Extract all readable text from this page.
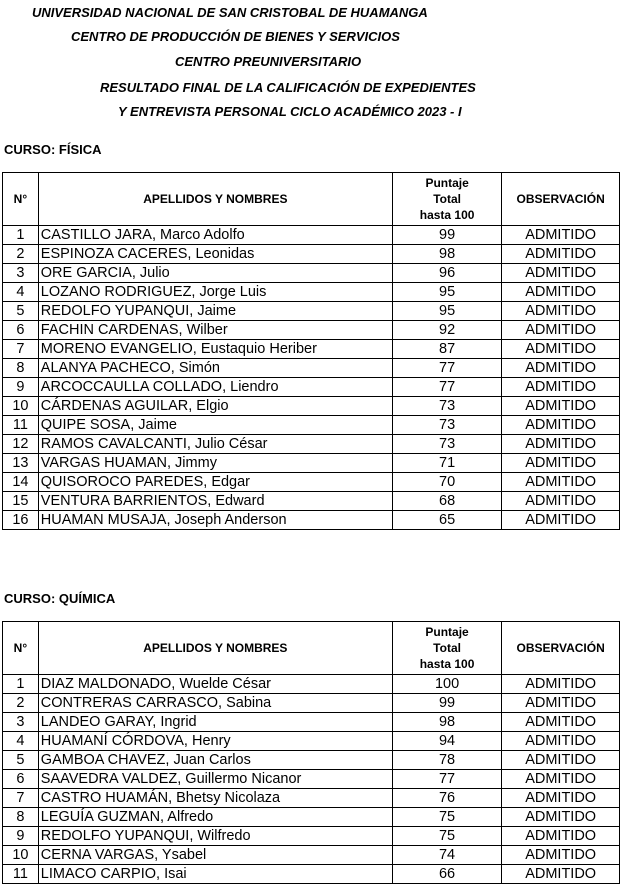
UNIVERSIDAD NACIONAL DE SAN CRISTOBAL DE HUAMANGA
CENTRO DE PRODUCCIÓN DE BIENES Y SERVICIOS
CENTRO PREUNIVERSITARIO
RESULTADO FINAL DE LA CALIFICACIÓN DE EXPEDIENTES
Y ENTREVISTA PERSONAL CICLO ACADÉMICO 2023 - I
CURSO: FÍSICA
N°	APELLIDOS Y NOMBRES	Puntaje
Total
hasta 100	OBSERVACIÓN
1	CASTILLO JARA, Marco Adolfo	99	ADMITIDO
2	ESPINOZA CACERES, Leonidas	98	ADMITIDO
3	ORE GARCIA, Julio	96	ADMITIDO
4	LOZANO RODRIGUEZ, Jorge Luis	95	ADMITIDO
5	REDOLFO YUPANQUI, Jaime	95	ADMITIDO
6	FACHIN CARDENAS, Wilber	92	ADMITIDO
7	MORENO EVANGELIO, Eustaquio Heriber	87	ADMITIDO
8	ALANYA PACHECO, Simón	77	ADMITIDO
9	ARCOCCAULLA COLLADO, Liendro	77	ADMITIDO
10	CÁRDENAS AGUILAR, Elgio	73	ADMITIDO
11	QUIPE SOSA, Jaime	73	ADMITIDO
12	RAMOS CAVALCANTI, Julio César	73	ADMITIDO
13	VARGAS HUAMAN, Jimmy	71	ADMITIDO
14	QUISOROCO PAREDES, Edgar	70	ADMITIDO
15	VENTURA BARRIENTOS, Edward	68	ADMITIDO
16	HUAMAN MUSAJA, Joseph Anderson	65	ADMITIDO
CURSO: QUÍMICA
N°	APELLIDOS Y NOMBRES	Puntaje
Total
hasta 100	OBSERVACIÓN
1	DIAZ MALDONADO, Wuelde César	100	ADMITIDO
2	CONTRERAS CARRASCO, Sabina	99	ADMITIDO
3	LANDEO GARAY, Ingrid	98	ADMITIDO
4	HUAMANÍ CÓRDOVA, Henry	94	ADMITIDO
5	GAMBOA CHAVEZ, Juan Carlos	78	ADMITIDO
6	SAAVEDRA VALDEZ, Guillermo Nicanor	77	ADMITIDO
7	CASTRO HUAMÁN, Bhetsy Nicolaza	76	ADMITIDO
8	LEGUÍA GUZMAN, Alfredo	75	ADMITIDO
9	REDOLFO YUPANQUI, Wilfredo	75	ADMITIDO
10	CERNA VARGAS, Ysabel	74	ADMITIDO
11	LIMACO CARPIO, Isai	66	ADMITIDO
